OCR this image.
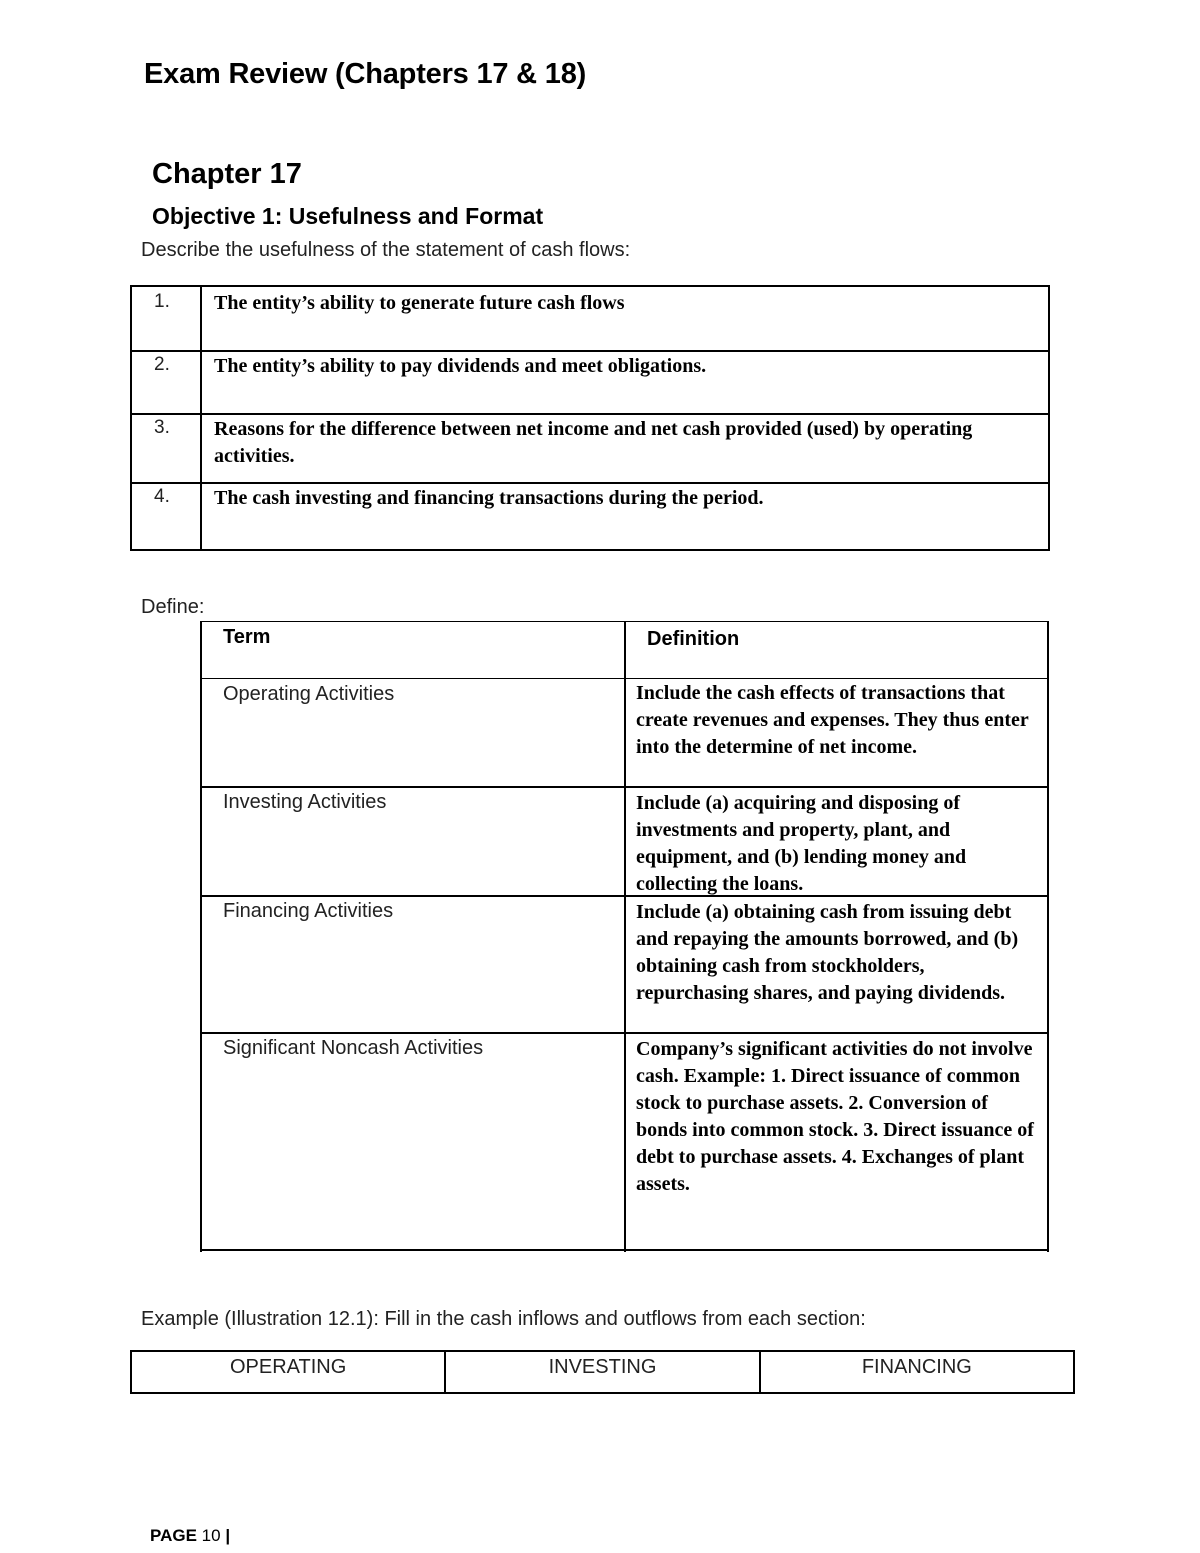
Exam Review (Chapters 17 & 18)
Chapter 17
Objective 1: Usefulness and Format
Describe the usefulness of the statement of cash flows:
1.	The entity’s ability to generate future cash flows
2.	The entity’s ability to pay dividends and meet obligations.
3.	Reasons for the difference between net income and net cash provided (used) by operating activities.
4.	The cash investing and financing transactions during the period.
Define:
Term	Definition
Operating Activities	Include the cash effects of transactions that create revenues and expenses. They thus enter into the determine of net income.
Investing Activities	Include (a) acquiring and disposing of investments and property, plant, and equipment, and (b) lending money and collecting the loans.
Financing Activities	Include (a) obtaining cash from issuing debt and repaying the amounts borrowed, and (b) obtaining cash from stockholders, repurchasing shares, and paying dividends.
Significant Noncash Activities	Company’s significant activities do not involve cash. Example: 1. Direct issuance of common stock to purchase assets. 2. Conversion of bonds into common stock. 3. Direct issuance of debt to purchase assets. 4. Exchanges of plant assets.
Example (Illustration 12.1): Fill in the cash inflows and outflows from each section:
OPERATING	INVESTING	FINANCING
PAGE 10 |
